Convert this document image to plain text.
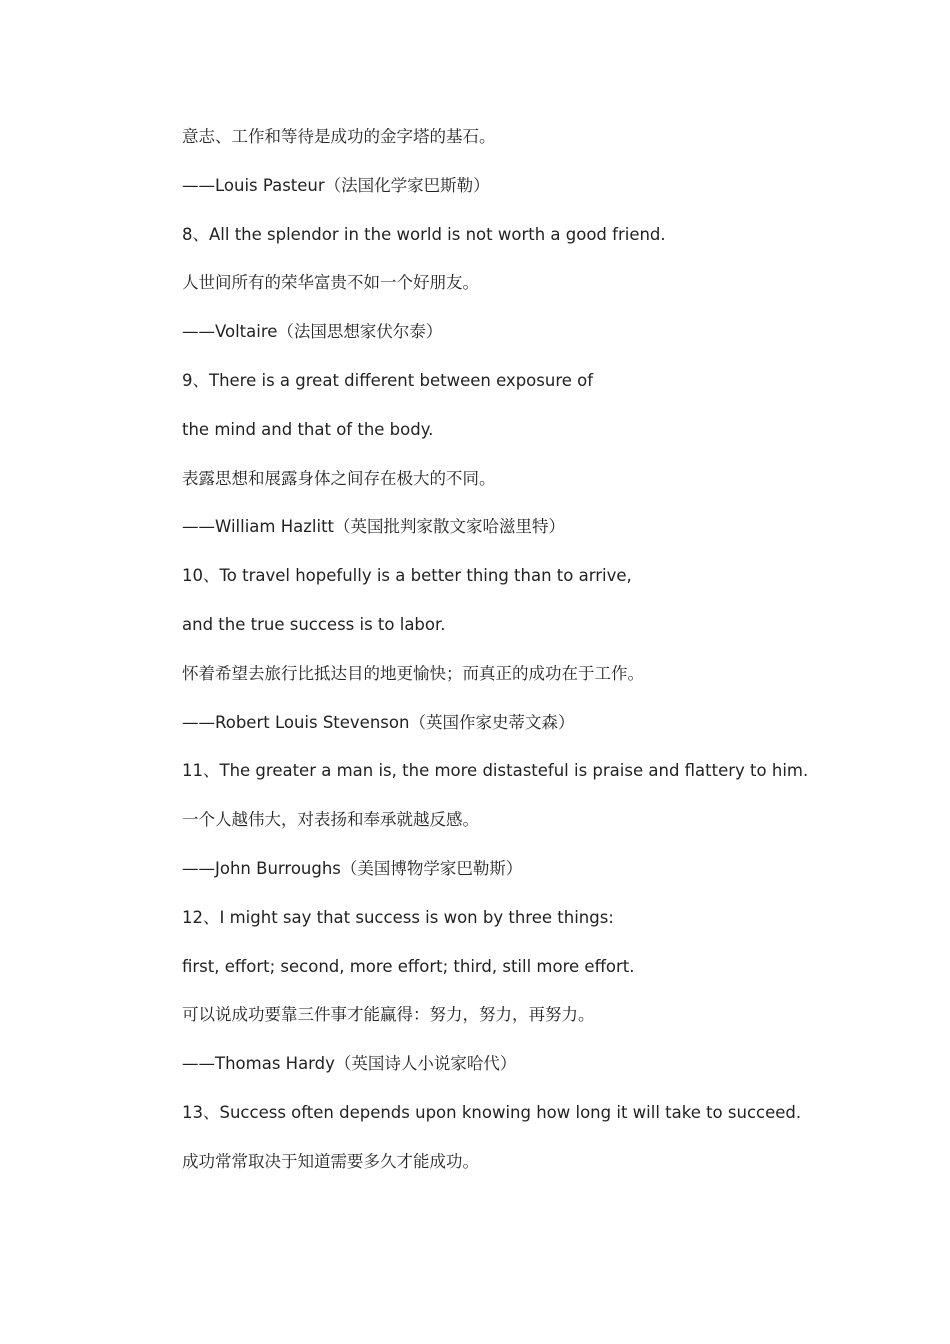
意志、工作和等待是成功的金字塔的基石。
——Louis Pasteur（法国化学家巴斯勒）
8、All the splendor in the world is not worth a good friend.
人世间所有的荣华富贵不如一个好朋友。
——Voltaire（法国思想家伏尔泰）
9、There is a great different between exposure of
the mind and that of the body.
表露思想和展露身体之间存在极大的不同。
——William Hazlitt（英国批判家散文家哈滋里特）
10、To travel hopefully is a better thing than to arrive,
and the true success is to labor.
怀着希望去旅行比抵达目的地更愉快；而真正的成功在于工作。
——Robert Louis Stevenson（英国作家史蒂文森）
11、The greater a man is, the more distasteful is praise and flattery to him.
一个人越伟大，对表扬和奉承就越反感。
——John Burroughs（美国博物学家巴勒斯）
12、I might say that success is won by three things:
first, effort; second, more effort; third, still more effort.
可以说成功要靠三件事才能赢得：努力，努力，再努力。
——Thomas Hardy（英国诗人小说家哈代）
13、Success often depends upon knowing how long it will take to succeed.
成功常常取决于知道需要多久才能成功。
